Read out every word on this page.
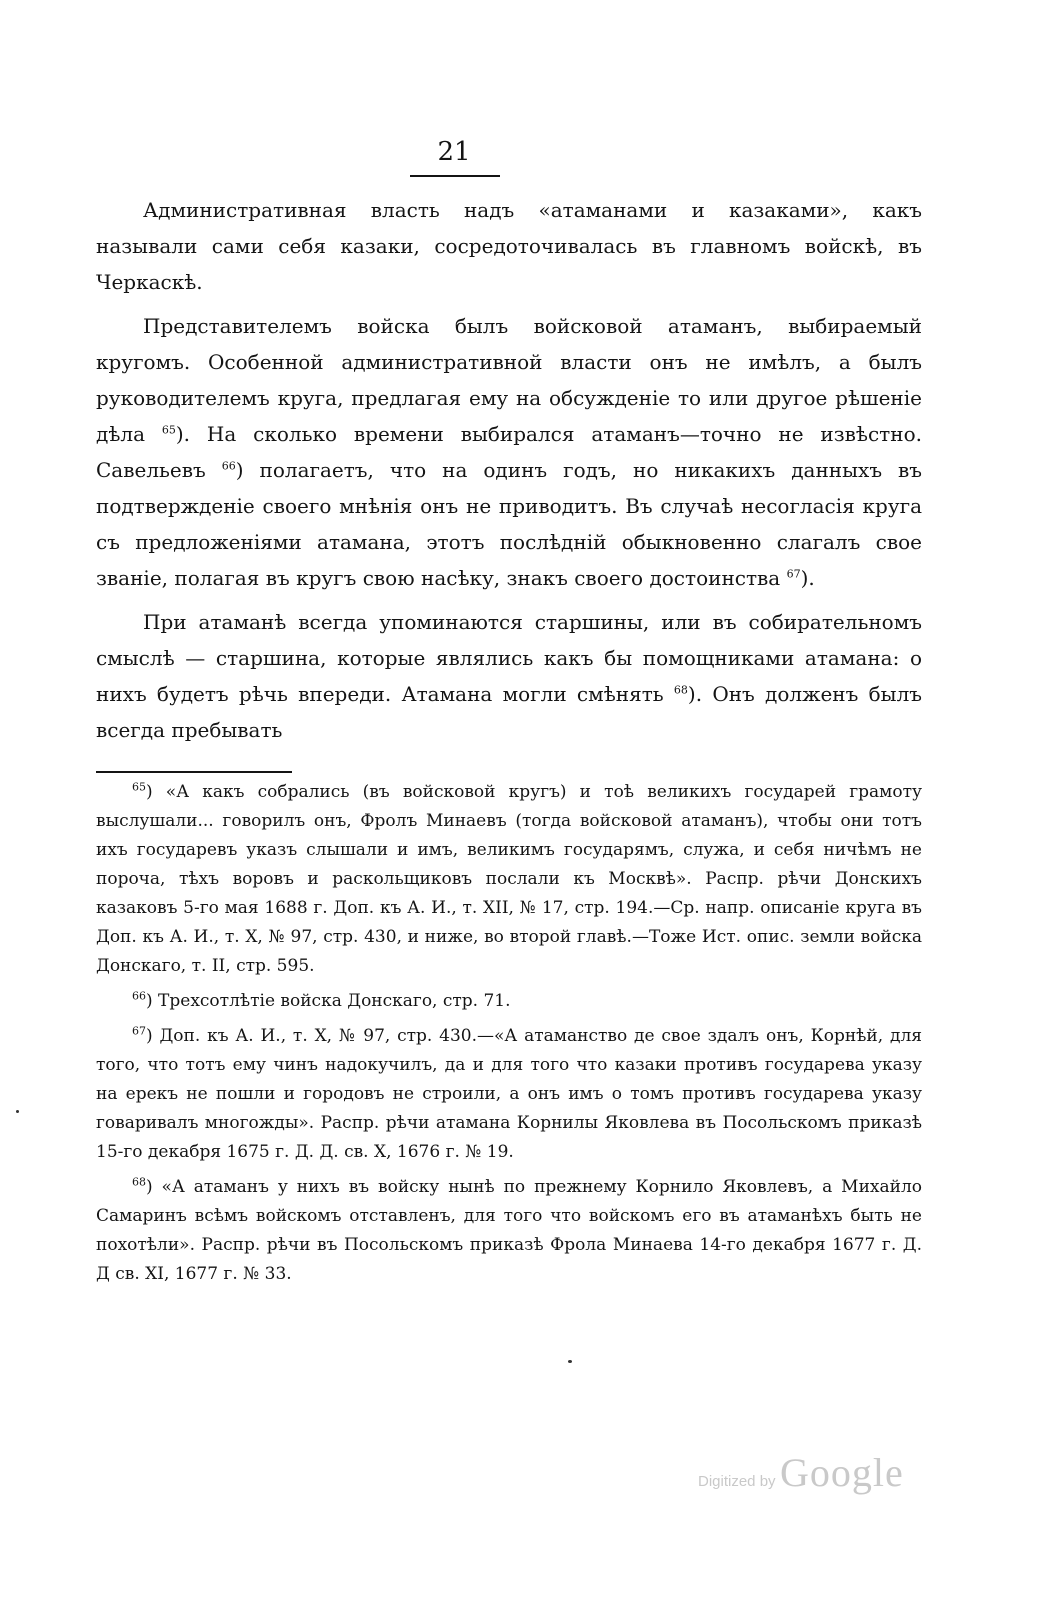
21

Административная власть надъ «атаманами и казаками», какъ называли сами себя казаки, сосредоточивалась въ главномъ войскѣ, въ Черкаскѣ.

Представителемъ войска былъ войсковой атаманъ, выбираемый кругомъ. Особенной административной власти онъ не имѣлъ, а былъ руководителемъ круга, предлагая ему на обсужденіе то или другое рѣшеніе дѣла $^{65}$). На сколько времени выбирался атаманъ—точно не извѣстно. Савельевъ $^{66}$) полагаетъ, что на одинъ годъ, но никакихъ данныхъ въ подтвержденіе своего мнѣнія онъ не приводитъ. Въ случаѣ несогласія круга съ предложеніями атамана, этотъ послѣдній обыкновенно слагалъ свое званіе, полагая въ кругъ свою насѣку, знакъ своего достоинства $^{67}$).

При атаманѣ всегда упоминаются старшины, или въ собирательномъ смыслѣ — старшина, которые являлись какъ бы помощниками атамана: о нихъ будетъ рѣчь впереди. Атамана могли смѣнять $^{68}$). Онъ долженъ былъ всегда пребывать

$^{65}$) «А какъ собрались (въ войсковой кругъ) и тоѣ великихъ государей грамоту выслушали... говорилъ онъ, Фролъ Минаевъ (тогда войсковой атаманъ), чтобы они тотъ ихъ государевъ указъ слышали и имъ, великимъ государямъ, служа, и себя ничѣмъ не пороча, тѣхъ воровъ и раскольщиковъ послали къ Москвѣ». Распр. рѣчи Донскихъ казаковъ 5-го мая 1688 г. Доп. къ А. И., т. XII, № 17, стр. 194.—Ср. напр. описаніе круга въ Доп. къ А. И., т. X, № 97, стр. 430, и ниже, во второй главѣ.—Тоже Ист. опис. земли войска Донскаго, т. II, стр. 595.

$^{66}$) Трехсотлѣтіе войска Донскаго, стр. 71.

$^{67}$) Доп. къ А. И., т. X, № 97, стр. 430.—«А атаманство де свое здалъ онъ, Корнѣй, для того, что тотъ ему чинъ надокучилъ, да и для того что казаки противъ государева указу на ерекъ не пошли и городовъ не строили, а онъ имъ о томъ противъ государева указу говаривалъ многожды». Распр. рѣчи атамана Корнилы Яковлева въ Посольскомъ приказѣ 15-го декабря 1675 г. Д. Д. св. X, 1676 г. № 19.

$^{68}$) «А атаманъ у нихъ въ войску нынѣ по прежнему Корнило Яковлевъ, а Михайло Самаринъ всѣмъ войскомъ отставленъ, для того что войскомъ его въ атаманѣхъ быть не похотѣли». Распр. рѣчи въ Посольскомъ приказѣ Фрола Минаева 14-го декабря 1677 г. Д. Д св. XI, 1677 г. № 33.

Digitized by Google
